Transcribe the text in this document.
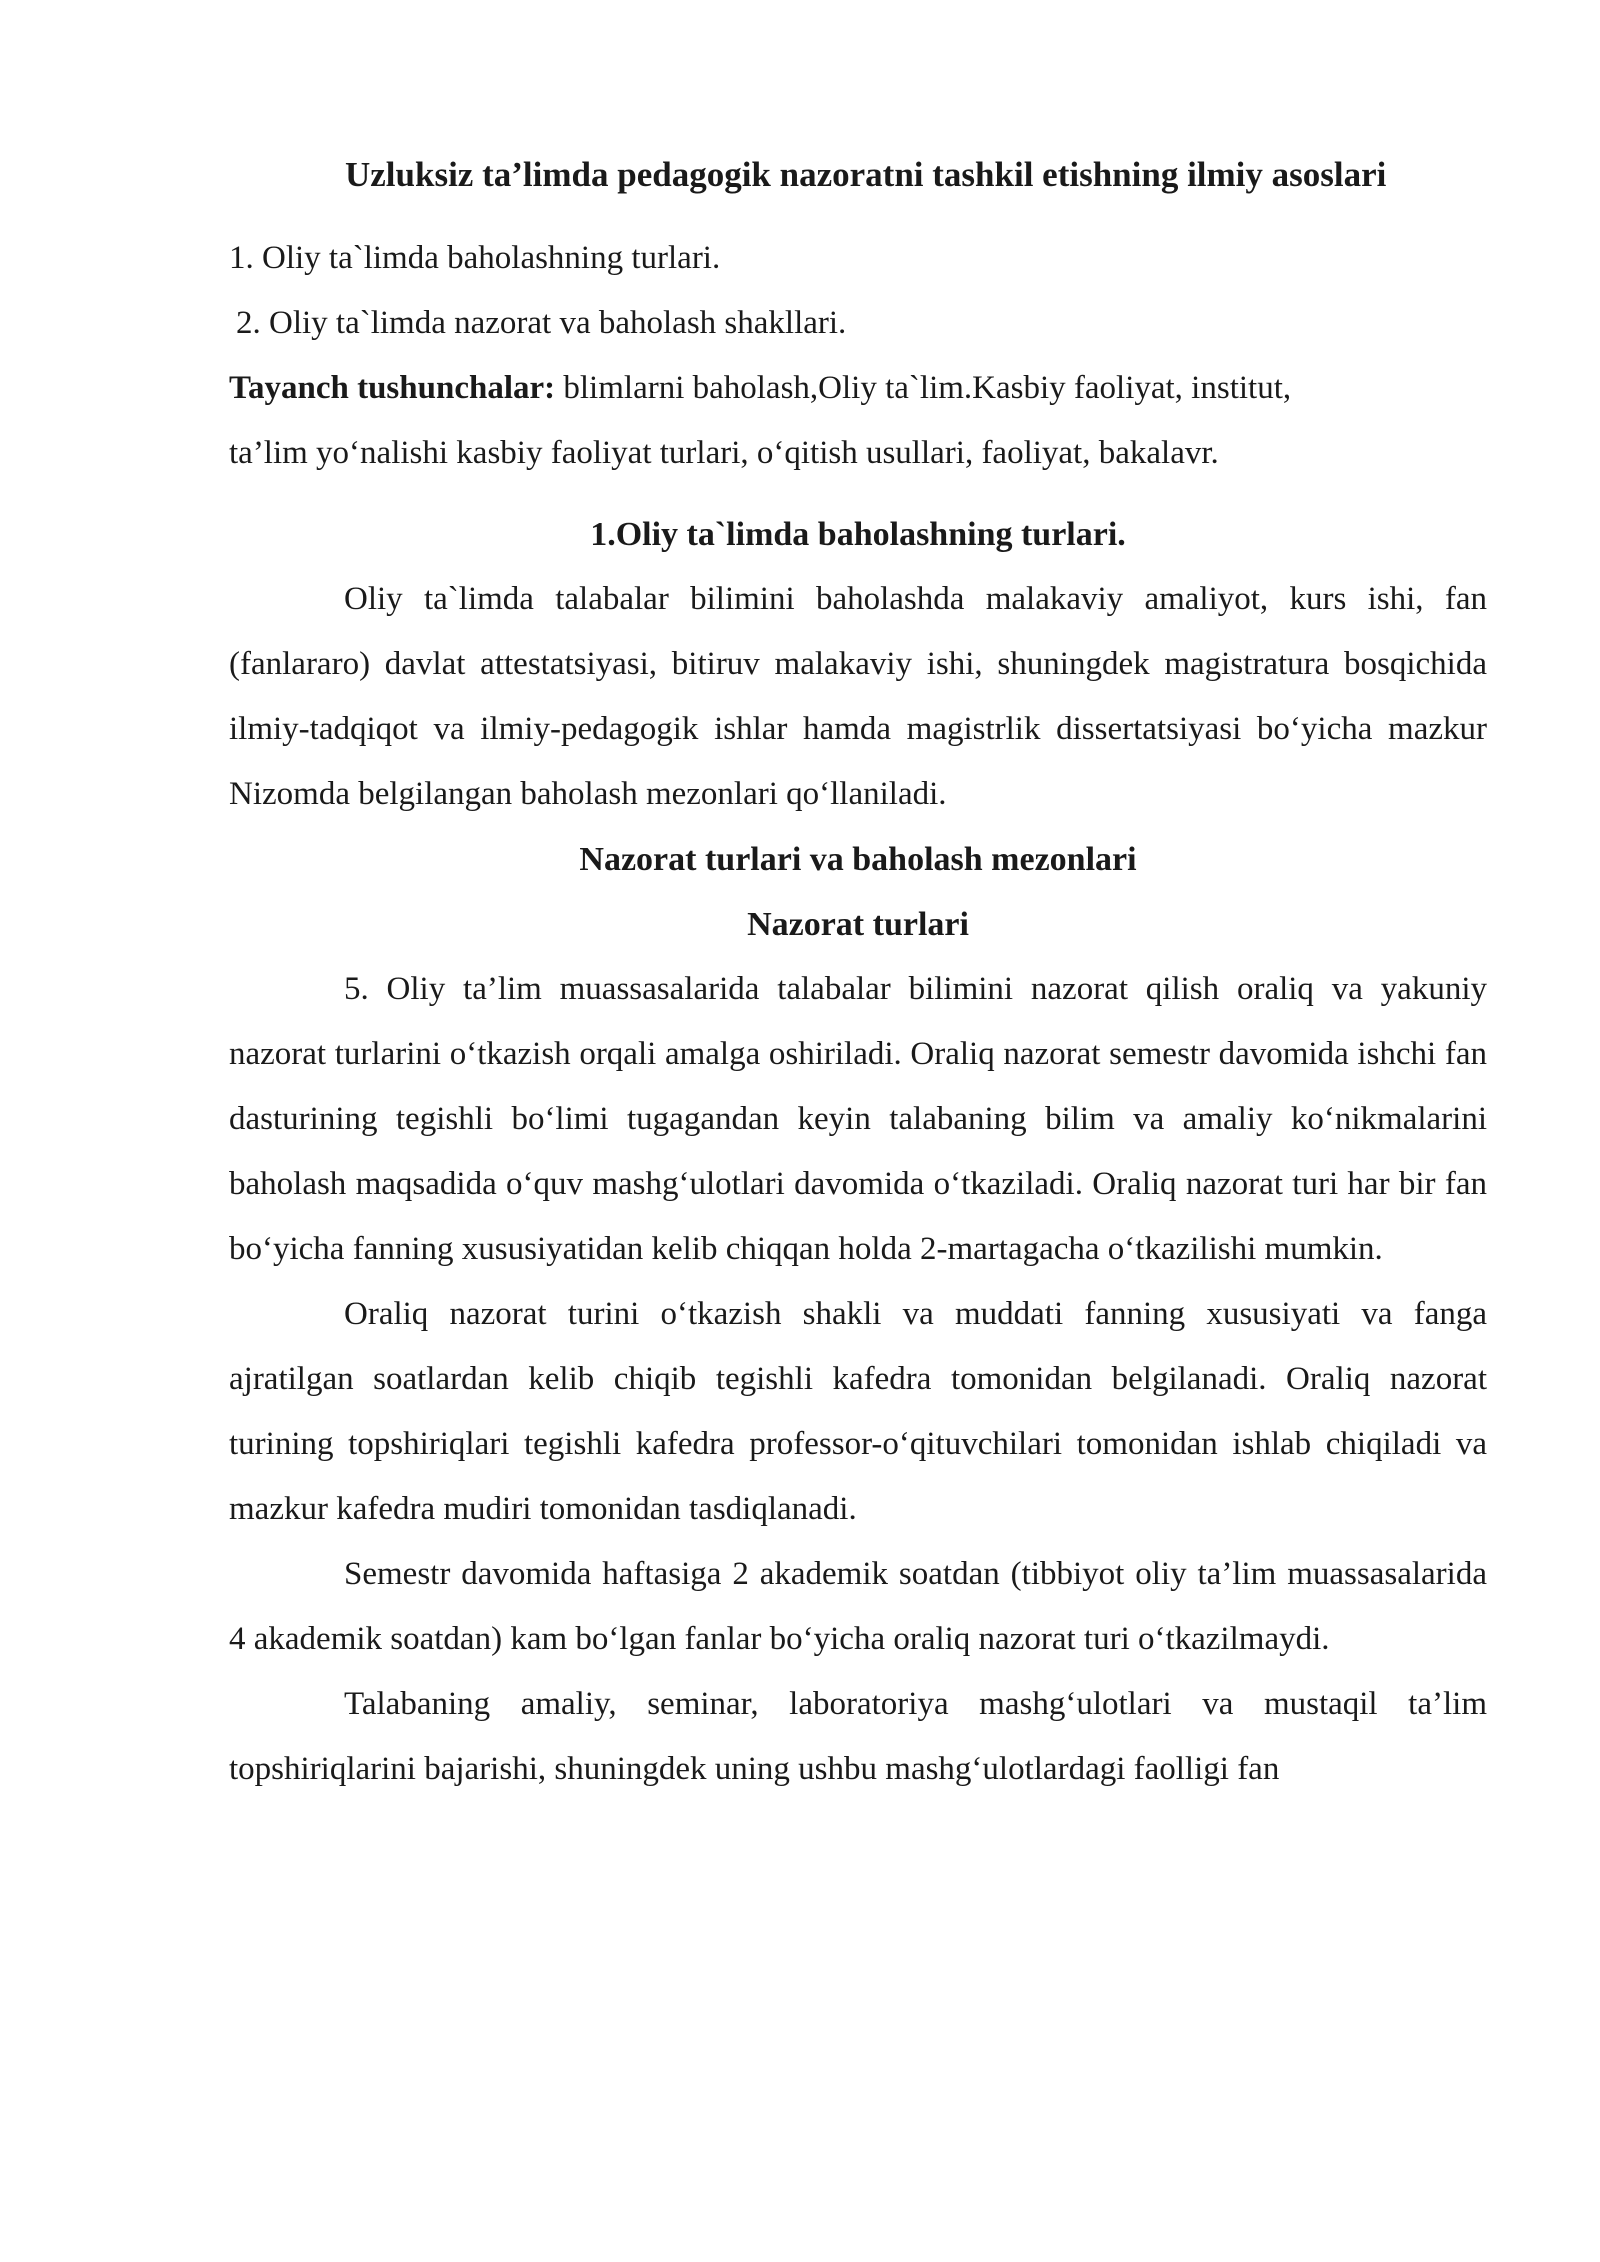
Uzluksiz ta’limda pedagogik nazoratni tashkil etishning ilmiy asoslari

1. Oliy ta`limda baholashning turlari.

2. Oliy ta`limda nazorat va baholash shakllari.

Tayanch tushunchalar: blimlarni baholash,Oliy ta`lim.Kasbiy faoliyat, institut,

ta’lim yo‘nalishi kasbiy faoliyat turlari, o‘qitish usullari, faoliyat, bakalavr.

1.Oliy ta`limda baholashning turlari.

Oliy ta`limda talabalar bilimini baholashda malakaviy amaliyot, kurs ishi, fan (fanlararo) davlat attestatsiyasi, bitiruv malakaviy ishi, shuningdek magistratura bosqichida ilmiy-tadqiqot va ilmiy-pedagogik ishlar hamda magistrlik dissertatsiyasi bo‘yicha mazkur Nizomda belgilangan baholash mezonlari qo‘llaniladi.

Nazorat turlari va baholash mezonlari
Nazorat turlari

5. Oliy ta’lim muassasalarida talabalar bilimini nazorat qilish oraliq va yakuniy nazorat turlarini o‘tkazish orqali amalga oshiriladi. Oraliq nazorat semestr davomida ishchi fan dasturining tegishli bo‘limi tugagandan keyin talabaning bilim va amaliy ko‘nikmalarini baholash maqsadida o‘quv mashg‘ulotlari davomida o‘tkaziladi. Oraliq nazorat turi har bir fan bo‘yicha fanning xususiyatidan kelib chiqqan holda 2-martagacha o‘tkazilishi mumkin.

Oraliq nazorat turini o‘tkazish shakli va muddati fanning xususiyati va fanga ajratilgan soatlardan kelib chiqib tegishli kafedra tomonidan belgilanadi. Oraliq nazorat turining topshiriqlari tegishli kafedra professor-o‘qituvchilari tomonidan ishlab chiqiladi va mazkur kafedra mudiri tomonidan tasdiqlanadi.

Semestr davomida haftasiga 2 akademik soatdan (tibbiyot oliy ta’lim muassasalarida 4 akademik soatdan) kam bo‘lgan fanlar bo‘yicha oraliq nazorat turi o‘tkazilmaydi.

Talabaning amaliy, seminar, laboratoriya mashg‘ulotlari va mustaqil ta’lim topshiriqlarini bajarishi, shuningdek uning ushbu mashg‘ulotlardagi faolligi fan
